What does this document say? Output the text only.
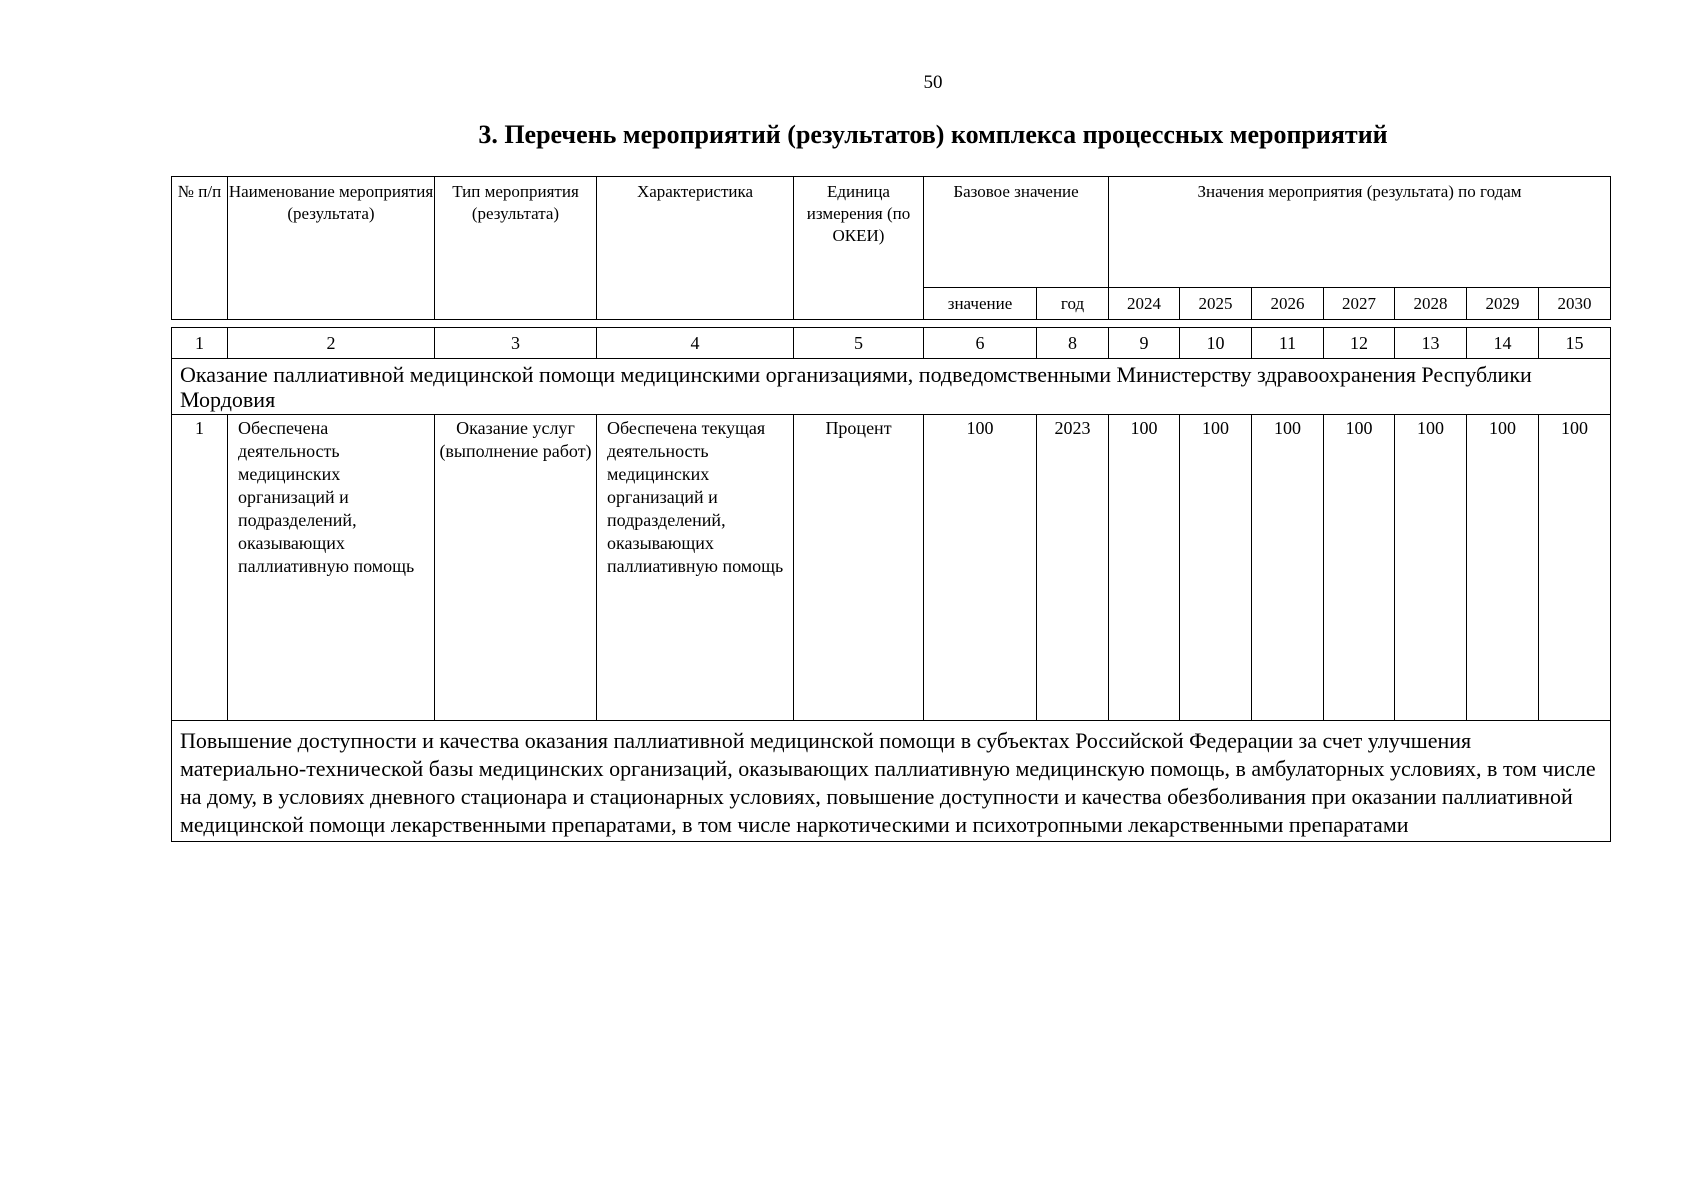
50
3. Перечень мероприятий (результатов) комплекса процессных мероприятий
№ п/п	Наименование мероприятия (результата)	Тип мероприятия (результата)	Характеристика	Единица измерения (по ОКЕИ)	Базовое значение		Значения мероприятия (результата) по годам						
					значение	год	2024	2025	2026	2027	2028	2029	2030
1	2	3	4	5	6	8	9	10	11	12	13	14	15
Оказание паллиативной медицинской помощи медицинскими организациями, подведомственными Министерству здравоохранения Республики Мордовия													
1	Обеспечена деятельность медицинских организаций и подразделений, оказывающих паллиативную помощь	Оказание услуг (выполнение работ)	Обеспечена текущая деятельность медицинских организаций и подразделений, оказывающих паллиативную помощь	Процент	100	2023	100	100	100	100	100	100	100
Повышение доступности и качества оказания паллиативной медицинской помощи в субъектах Российской Федерации за счет улучшения материально-технической базы медицинских организаций, оказывающих паллиативную медицинскую помощь, в амбулаторных условиях, в том числе на дому, в условиях дневного стационара и стационарных условиях, повышение доступности и качества обезболивания при оказании паллиативной медицинской помощи лекарственными препаратами, в том числе наркотическими и психотропными лекарственными препаратами													
